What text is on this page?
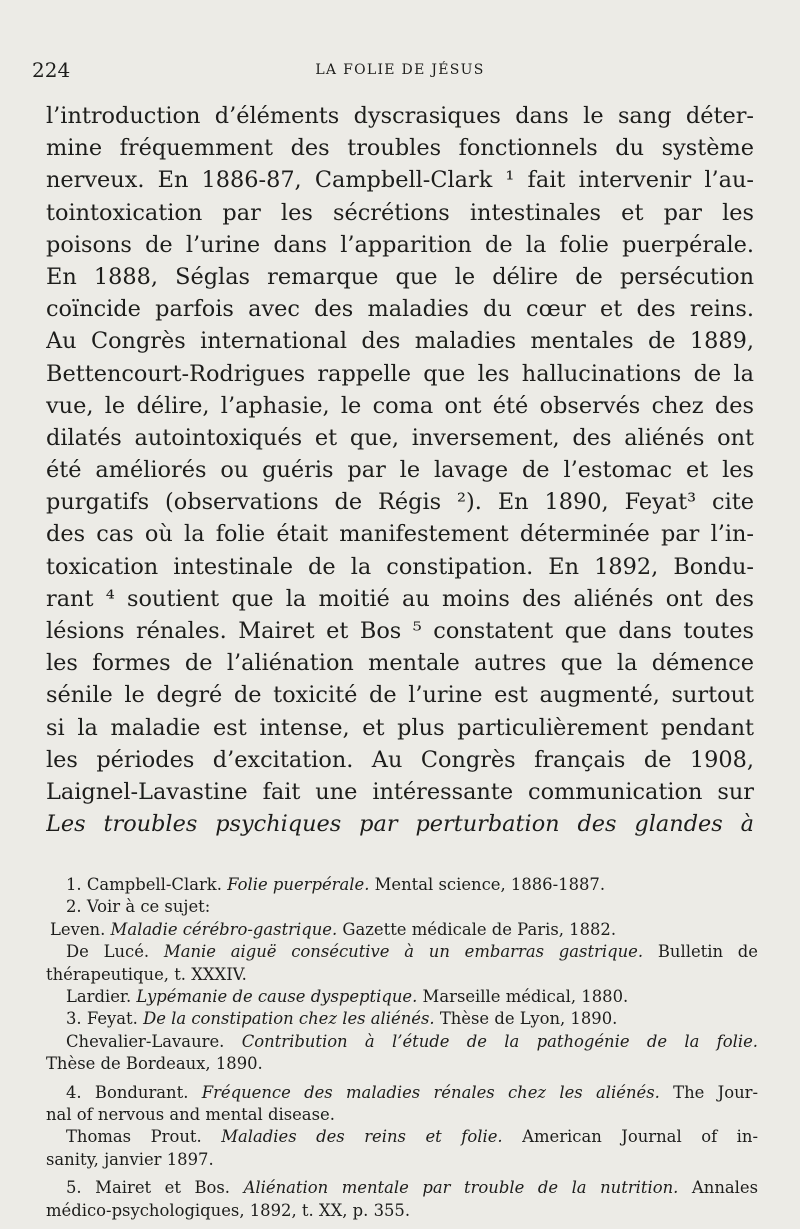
224	LA FOLIE DE JÉSUS
l’introduction d’éléments dyscrasiques dans le sang déter-
mine fréquemment des troubles fonctionnels du système
nerveux. En 1886-87, Campbell-Clark ¹ fait intervenir l’au-
tointoxication par les sécrétions intestinales et par les
poisons de l’urine dans l’apparition de la folie puerpérale.
En 1888, Séglas remarque que le délire de persécution
coïncide parfois avec des maladies du cœur et des reins.
Au Congrès international des maladies mentales de 1889,
Bettencourt-Rodrigues rappelle que les hallucinations de la
vue, le délire, l’aphasie, le coma ont été observés chez des
dilatés autointoxiqués et que, inversement, des aliénés ont
été améliorés ou guéris par le lavage de l’estomac et les
purgatifs (observations de Régis ²). En 1890, Feyat³ cite
des cas où la folie était manifestement déterminée par l’in-
toxication intestinale de la constipation. En 1892, Bondu-
rant ⁴ soutient que la moitié au moins des aliénés ont des
lésions rénales. Mairet et Bos ⁵ constatent que dans toutes
les formes de l’aliénation mentale autres que la démence
sénile le degré de toxicité de l’urine est augmenté, surtout
si la maladie est intense, et plus particulièrement pendant
les périodes d’excitation. Au Congrès français de 1908,
Laignel-Lavastine fait une intéressante communication sur
Les troubles psychiques par perturbation des glandes à
1. Campbell-Clark. Folie puerpérale. Mental science, 1886-1887.
2. Voir à ce sujet:
Leven. Maladie cérébro-gastrique. Gazette médicale de Paris, 1882.
De Lucé. Manie aiguë consécutive à un embarras gastrique. Bulletin de
thérapeutique, t. XXXIV.
Lardier. Lypémanie de cause dyspeptique. Marseille médical, 1880.
3. Feyat. De la constipation chez les aliénés. Thèse de Lyon, 1890.
Chevalier-Lavaure. Contribution à l’étude de la pathogénie de la folie.
Thèse de Bordeaux, 1890.
4. Bondurant. Fréquence des maladies rénales chez les aliénés. The Jour-
nal of nervous and mental disease.
Thomas Prout. Maladies des reins et folie. American Journal of in-
sanity, janvier 1897.
5. Mairet et Bos. Aliénation mentale par trouble de la nutrition. Annales
médico-psychologiques, 1892, t. XX, p. 355.
